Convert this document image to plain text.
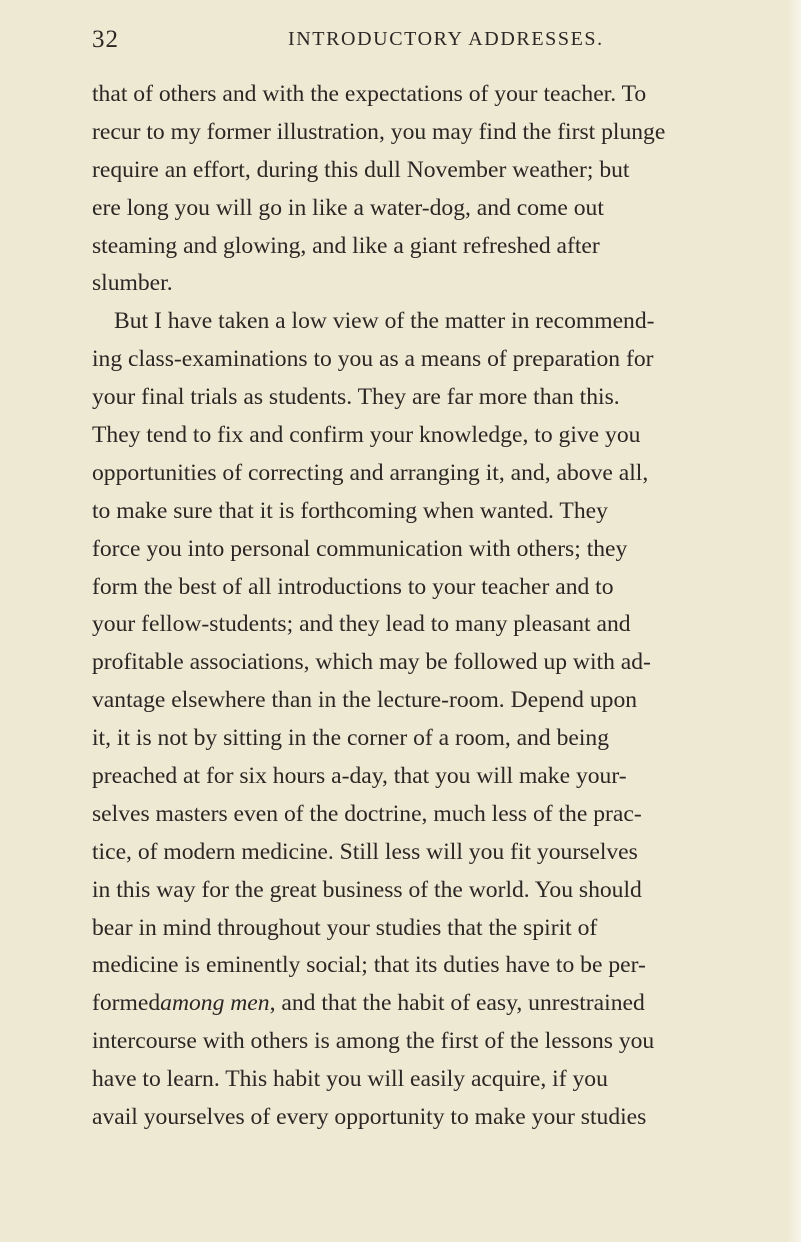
32	INTRODUCTORY ADDRESSES.
that of others and with the expectations of your teacher. To
recur to my former illustration, you may find the first plunge
require an effort, during this dull November weather; but
ere long you will go in like a water-dog, and come out
steaming and glowing, and like a giant refreshed after
slumber.
But I have taken a low view of the matter in recommend-
ing class-examinations to you as a means of preparation for
your final trials as students. They are far more than this.
They tend to fix and confirm your knowledge, to give you
opportunities of correcting and arranging it, and, above all,
to make sure that it is forthcoming when wanted. They
force you into personal communication with others; they
form the best of all introductions to your teacher and to
your fellow-students; and they lead to many pleasant and
profitable associations, which may be followed up with ad-
vantage elsewhere than in the lecture-room. Depend upon
it, it is not by sitting in the corner of a room, and being
preached at for six hours a-day, that you will make your-
selves masters even of the doctrine, much less of the prac-
tice, of modern medicine. Still less will you fit yourselves
in this way for the great business of the world. You should
bear in mind throughout your studies that the spirit of
medicine is eminently social; that its duties have to be per-
formedamong men, and that the habit of easy, unrestrained
intercourse with others is among the first of the lessons you
have to learn. This habit you will easily acquire, if you
avail yourselves of every opportunity to make your studies
